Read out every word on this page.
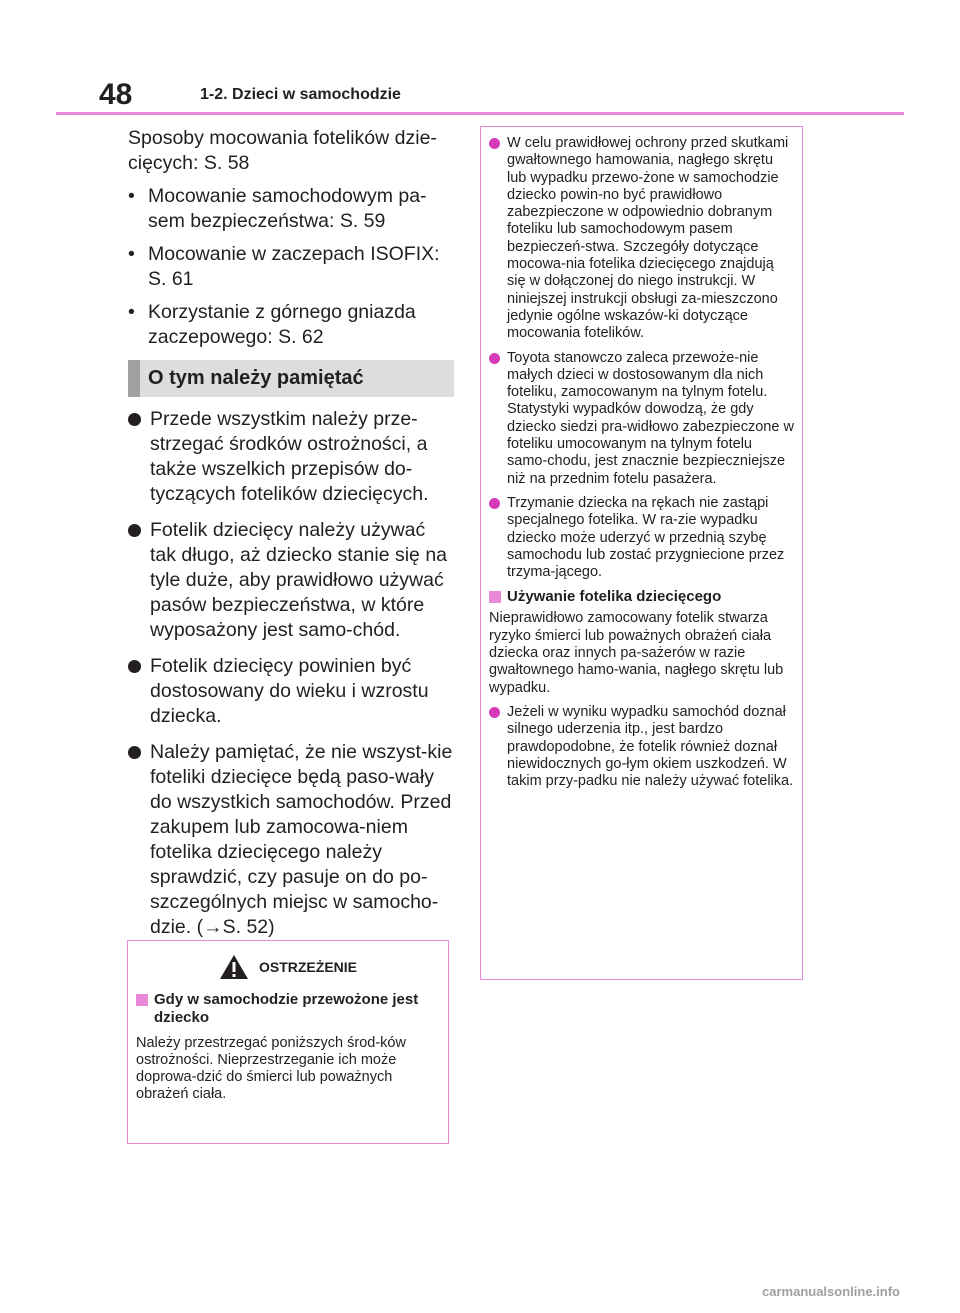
48	1-2. Dzieci w samochodzie

Sposoby mocowania fotelików dzie-cięcych: S. 58

• Mocowanie samochodowym pa-sem bezpieczeństwa: S. 59
• Mocowanie w zaczepach ISOFIX: S. 61
• Korzystanie z górnego gniazda zaczepowego: S. 62
O tym należy pamiętać
Przede wszystkim należy prze-strzegać środków ostrożności, a także wszelkich przepisów do-tyczących fotelików dziecięcych.
Fotelik dziecięcy należy używać tak długo, aż dziecko stanie się na tyle duże, aby prawidłowo używać pasów bezpieczeństwa, w które wyposażony jest samo-chód.
Fotelik dziecięcy powinien być dostosowany do wieku i wzrostu dziecka.
Należy pamiętać, że nie wszyst-kie foteliki dziecięce będą paso-wały do wszystkich samochodów. Przed zakupem lub zamocowa-niem fotelika dziecięcego należy sprawdzić, czy pasuje on do po-szczególnych miejsc w samocho-dzie. (→S. 52)
OSTRZEŻENIE
Gdy w samochodzie przewożone jest dziecko

Należy przestrzegać poniższych środ-ków ostrożności. Nieprzestrzeganie ich może doprowa-dzić do śmierci lub poważnych obrażeń ciała.

W celu prawidłowej ochrony przed skutkami gwałtownego hamowania, nagłego skrętu lub wypadku przewo-żone w samochodzie dziecko powin-no być prawidłowo zabezpieczone w odpowiednio dobranym foteliku lub samochodowym pasem bezpieczeń-stwa. Szczegóły dotyczące mocowa-nia fotelika dziecięcego znajdują się w dołączonej do niego instrukcji. W niniejszej instrukcji obsługi za-mieszczono jedynie ogólne wskazów-ki dotyczące mocowania fotelików.
Toyota stanowczo zaleca przewoże-nie małych dzieci w dostosowanym dla nich foteliku, zamocowanym na tylnym fotelu. Statystyki wypadków dowodzą, że gdy dziecko siedzi pra-widłowo zabezpieczone w foteliku umocowanym na tylnym fotelu samo-chodu, jest znacznie bezpieczniejsze niż na przednim fotelu pasażera.
Trzymanie dziecka na rękach nie zastąpi specjalnego fotelika. W ra-zie wypadku dziecko może uderzyć w przednią szybę samochodu lub zostać przygniecione przez trzyma-jącego.
Używanie fotelika dziecięcego

Nieprawidłowo zamocowany fotelik stwarza ryzyko śmierci lub poważnych obrażeń ciała dziecka oraz innych pa-sażerów w razie gwałtownego hamo-wania, nagłego skrętu lub wypadku.

Jeżeli w wyniku wypadku samochód doznał silnego uderzenia itp., jest bardzo prawdopodobne, że fotelik również doznał niewidocznych go-łym okiem uszkodzeń. W takim przy-padku nie należy używać fotelika.
carmanualsonline.info
